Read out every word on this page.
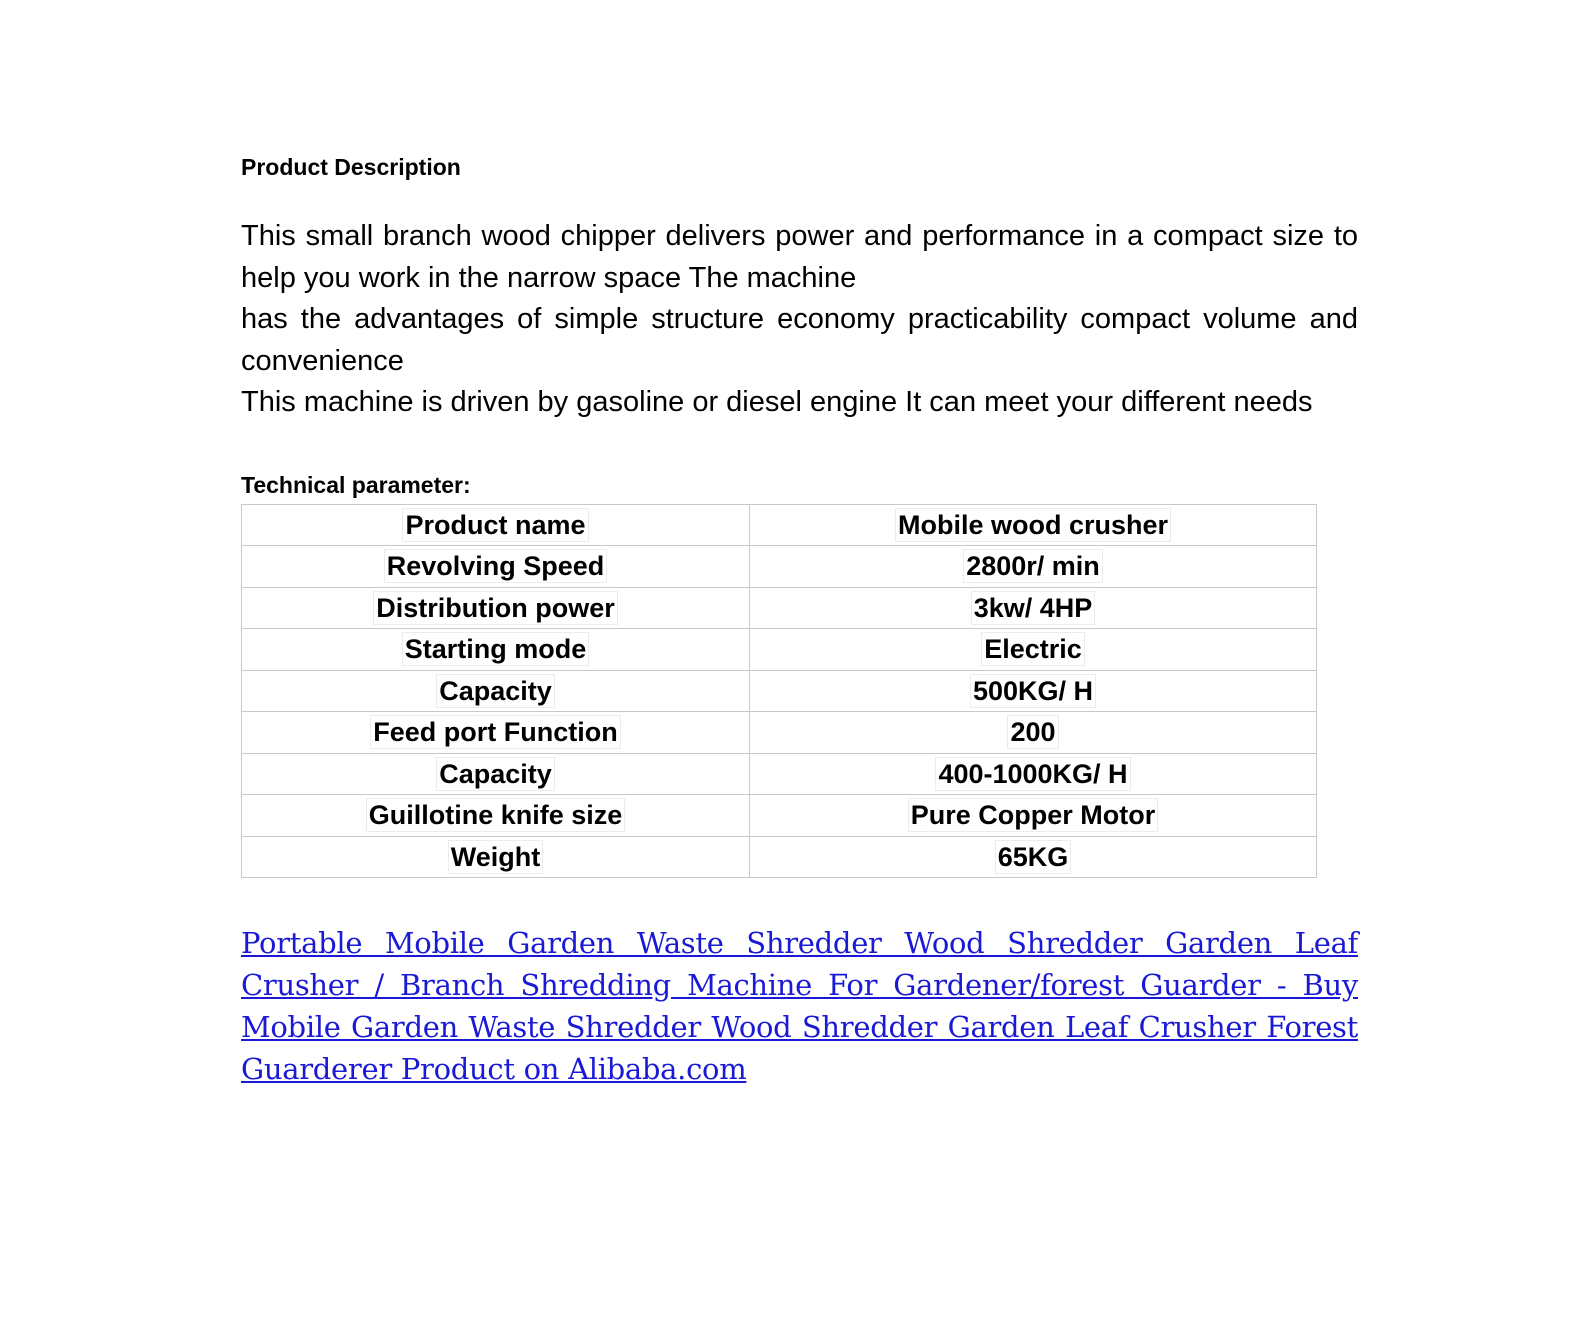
Product Description

This small branch wood chipper delivers power and performance in a compact size to help you work in the narrow space The machine

has the advantages of simple structure economy practicability compact volume and convenience

This machine is driven by gasoline or diesel engine It can meet your different needs

Technical parameter:
Product name	Mobile wood crusher
Revolving Speed	2800r/ min
Distribution power	3kw/ 4HP
Starting mode	Electric
Capacity	500KG/ H
Feed port Function	200
Capacity	400-1000KG/ H
Guillotine knife size	Pure Copper Motor
Weight	65KG
Portable Mobile Garden Waste Shredder Wood Shredder Garden Leaf Crusher / Branch Shredding Machine For Gardener/forest Guarder - Buy Mobile Garden Waste Shredder Wood Shredder Garden Leaf Crusher Forest Guarderer Product on Alibaba.com
